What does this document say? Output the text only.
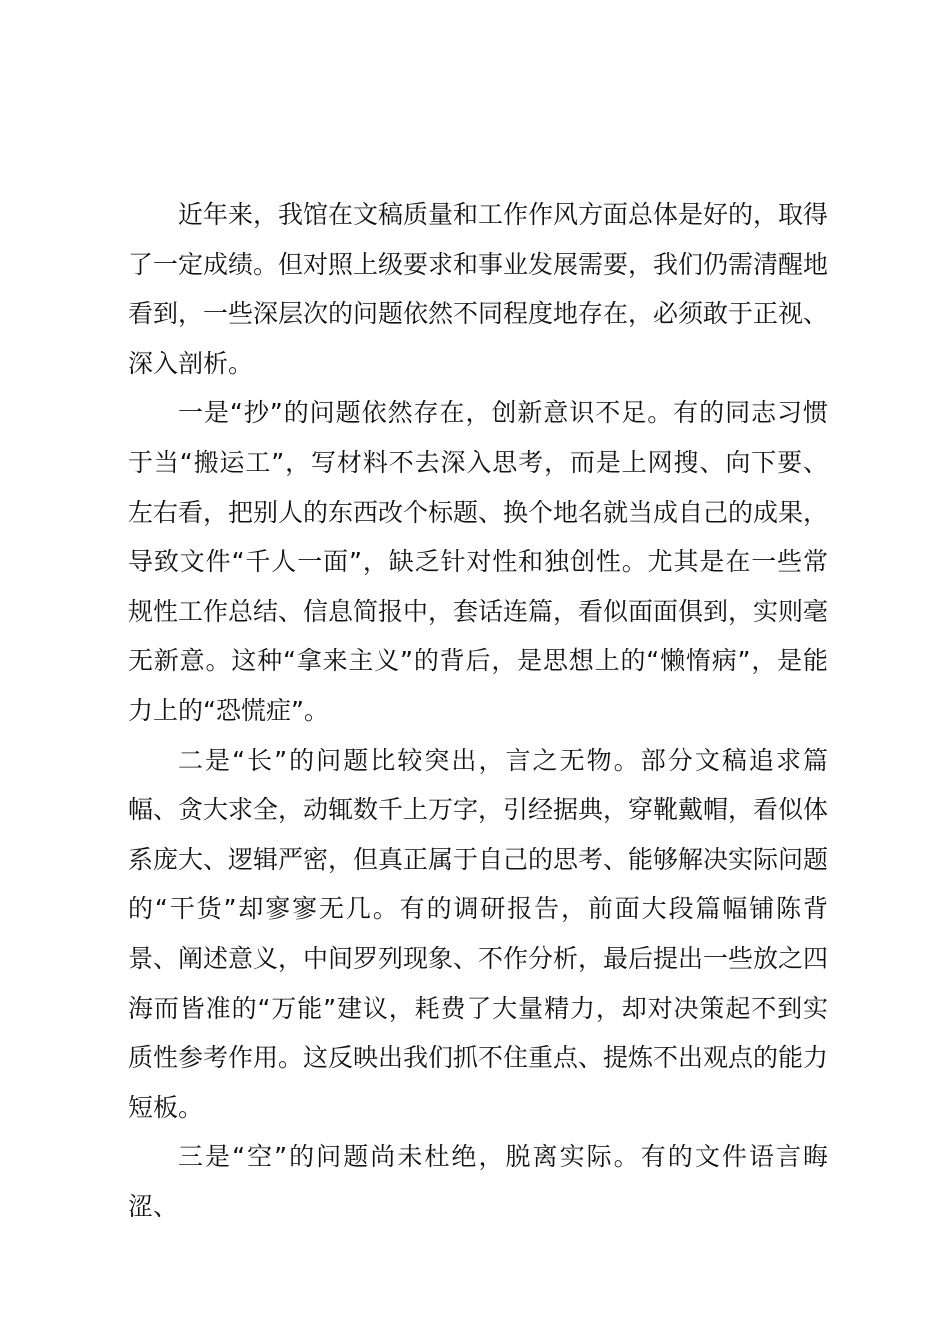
近年来，我馆在文稿质量和工作作风方面总体是好的，取得了一定成绩。但对照上级要求和事业发展需要，我们仍需清醒地看到，一些深层次的问题依然不同程度地存在，必须敢于正视、深入剖析。

一是“抄”的问题依然存在，创新意识不足。有的同志习惯于当“搬运工”，写材料不去深入思考，而是上网搜、向下要、左右看，把别人的东西改个标题、换个地名就当成自己的成果，导致文件“千人一面”，缺乏针对性和独创性。尤其是在一些常规性工作总结、信息简报中，套话连篇，看似面面俱到，实则毫无新意。这种“拿来主义”的背后，是思想上的“懒惰病”，是能力上的“恐慌症”。

二是“长”的问题比较突出，言之无物。部分文稿追求篇幅、贪大求全，动辄数千上万字，引经据典，穿靴戴帽，看似体系庞大、逻辑严密，但真正属于自己的思考、能够解决实际问题的“干货”却寥寥无几。有的调研报告，前面大段篇幅铺陈背景、阐述意义，中间罗列现象、不作分析，最后提出一些放之四海而皆准的“万能”建议，耗费了大量精力，却对决策起不到实质性参考作用。这反映出我们抓不住重点、提炼不出观点的能力短板。

三是“空”的问题尚未杜绝，脱离实际。有的文件语言晦涩、
